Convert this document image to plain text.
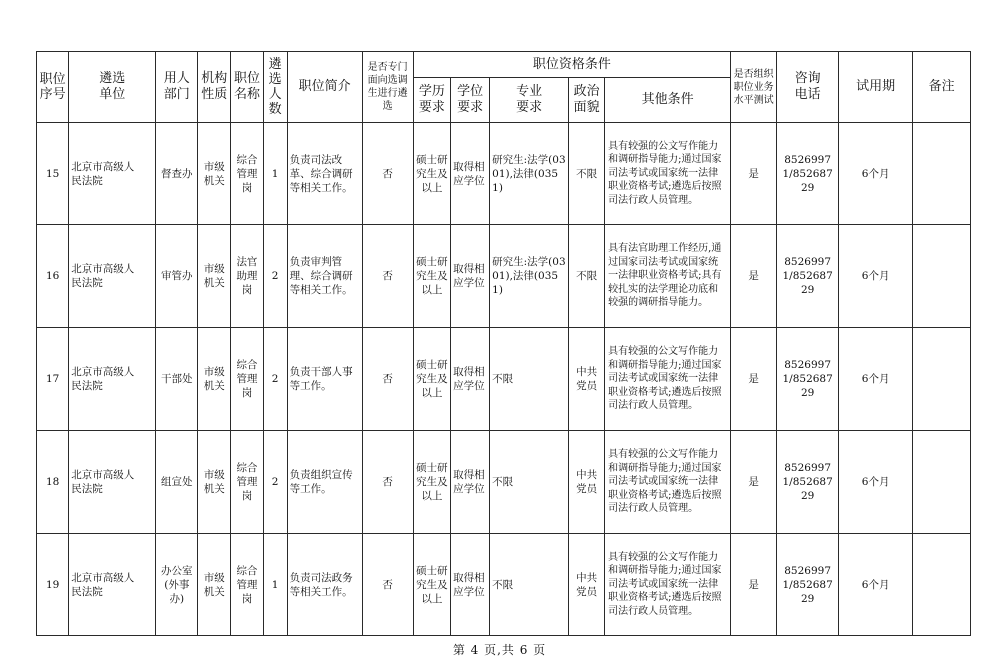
职位序号	遴选单位	用人部门	机构性质	职位名称	遴选人数	职位简介	是否专门面向选调生进行遴选	职位资格条件					是否组织职位业务水平测试	咨询电话	试用期	备注
								学历要求	学位要求	专业要求	政治面貌	其他条件				
15	北京市高级人民法院	督查办	市级机关	综合管理岗	1	负责司法改革、综合调研等相关工作。	否	硕士研究生及以上	取得相应学位	研究生:法学(0301),法律(0351)	不限	具有较强的公文写作能力和调研指导能力;通过国家司法考试或国家统一法律职业资格考试;遴选后按照司法行政人员管理。	是	85269971/85268729	6个月	
16	北京市高级人民法院	审管办	市级机关	法官助理岗	2	负责审判管理、综合调研等相关工作。	否	硕士研究生及以上	取得相应学位	研究生:法学(0301),法律(0351)	不限	具有法官助理工作经历,通过国家司法考试或国家统一法律职业资格考试;具有较扎实的法学理论功底和较强的调研指导能力。	是	85269971/85268729	6个月	
17	北京市高级人民法院	干部处	市级机关	综合管理岗	2	负责干部人事等工作。	否	硕士研究生及以上	取得相应学位	不限	中共党员	具有较强的公文写作能力和调研指导能力;通过国家司法考试或国家统一法律职业资格考试;遴选后按照司法行政人员管理。	是	85269971/85268729	6个月	
18	北京市高级人民法院	组宣处	市级机关	综合管理岗	2	负责组织宣传等工作。	否	硕士研究生及以上	取得相应学位	不限	中共党员	具有较强的公文写作能力和调研指导能力;通过国家司法考试或国家统一法律职业资格考试;遴选后按照司法行政人员管理。	是	85269971/85268729	6个月	
19	北京市高级人民法院	办公室(外事办)	市级机关	综合管理岗	1	负责司法政务等相关工作。	否	硕士研究生及以上	取得相应学位	不限	中共党员	具有较强的公文写作能力和调研指导能力;通过国家司法考试或国家统一法律职业资格考试;遴选后按照司法行政人员管理。	是	85269971/85268729	6个月	
第 4 页,共 6 页
